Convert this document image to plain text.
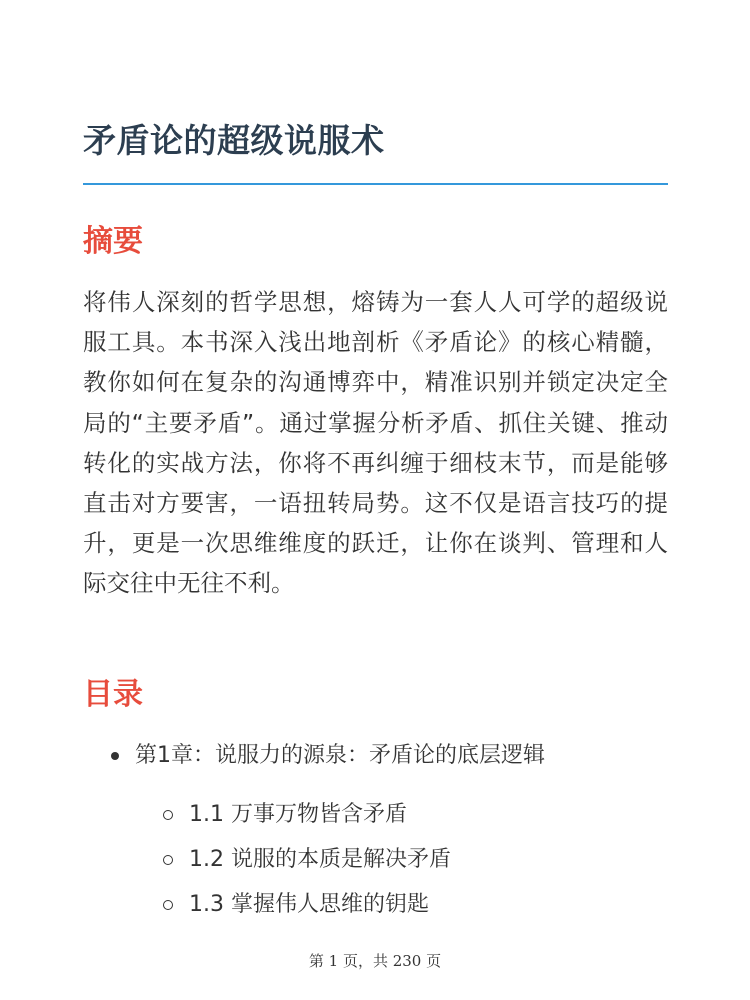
矛盾论的超级说服术
摘要

将伟人深刻的哲学思想，熔铸为一套人人可学的超级说服工具。本书深入浅出地剖析《矛盾论》的核心精髓，教你如何在复杂的沟通博弈中，精准识别并锁定决定全局的“主要矛盾”。通过掌握分析矛盾、抓住关键、推动转化的实战方法，你将不再纠缠于细枝末节，而是能够直击对方要害，一语扭转局势。这不仅是语言技巧的提升，更是一次思维维度的跃迁，让你在谈判、管理和人际交往中无往不利。

目录
第1章：说服力的源泉：矛盾论的底层逻辑
1.1 万事万物皆含矛盾
1.2 说服的本质是解决矛盾
1.3 掌握伟人思维的钥匙
第 1 页，共 230 页
